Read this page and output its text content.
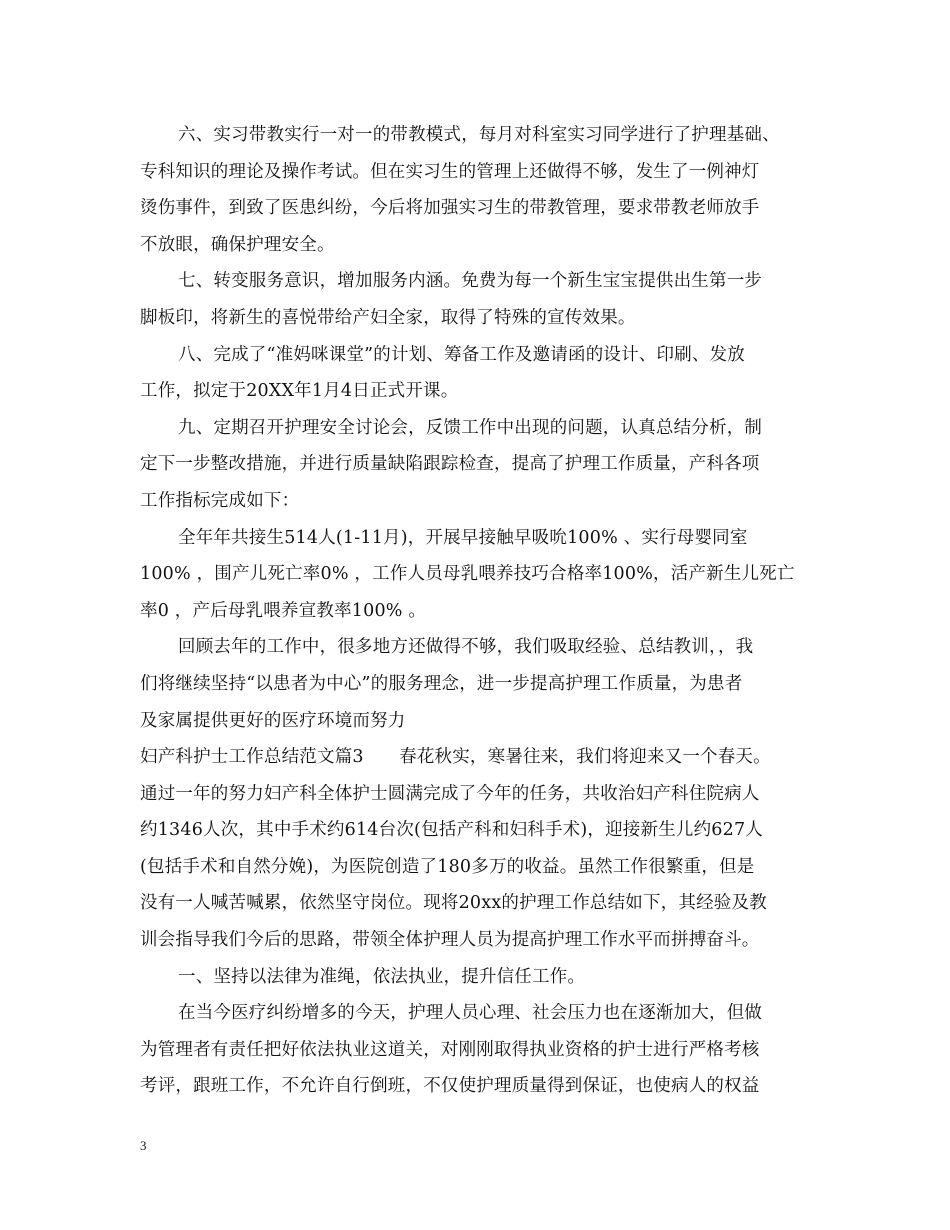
六、实习带教实行一对一的带教模式，每月对科室实习同学进行了护理基础、
专科知识的理论及操作考试。但在实习生的管理上还做得不够，发生了一例神灯
烫伤事件，到致了医患纠纷，今后将加强实习生的带教管理，要求带教老师放手
不放眼，确保护理安全。
七、转变服务意识，增加服务内涵。免费为每一个新生宝宝提供出生第一步
脚板印，将新生的喜悦带给产妇全家，取得了特殊的宣传效果。
八、完成了“准妈咪课堂”的计划、筹备工作及邀请函的设计、印刷、发放
工作，拟定于20XX年1月4日正式开课。
九、定期召开护理安全讨论会，反馈工作中出现的问题，认真总结分析，制
定下一步整改措施，并进行质量缺陷跟踪检查，提高了护理工作质量，产科各项
工作指标完成如下：
全年年共接生514人(1-11月)，开展早接触早吸吮100% 、实行母婴同室
100% ，围产儿死亡率0% ，工作人员母乳喂养技巧合格率100%，活产新生儿死亡
率0 ，产后母乳喂养宣教率100% 。
回顾去年的工作中，很多地方还做得不够，我们吸取经验、总结教训，，我
们将继续坚持“以患者为中心”的服务理念，进一步提高护理工作质量，为患者
及家属提供更好的医疗环境而努力
妇产科护士工作总结范文篇3　　春花秋实，寒暑往来，我们将迎来又一个春天。
通过一年的努力妇产科全体护士圆满完成了今年的任务，共收治妇产科住院病人
约1346人次，其中手术约614台次(包括产科和妇科手术)，迎接新生儿约627人
(包括手术和自然分娩)，为医院创造了180多万的收益。虽然工作很繁重，但是
没有一人喊苦喊累，依然坚守岗位。现将20xx的护理工作总结如下，其经验及教
训会指导我们今后的思路，带领全体护理人员为提高护理工作水平而拼搏奋斗。
一、坚持以法律为准绳，依法执业，提升信任工作。
在当今医疗纠纷增多的今天，护理人员心理、社会压力也在逐渐加大，但做
为管理者有责任把好依法执业这道关，对刚刚取得执业资格的护士进行严格考核
考评，跟班工作，不允许自行倒班，不仅使护理质量得到保证，也使病人的权益
3
